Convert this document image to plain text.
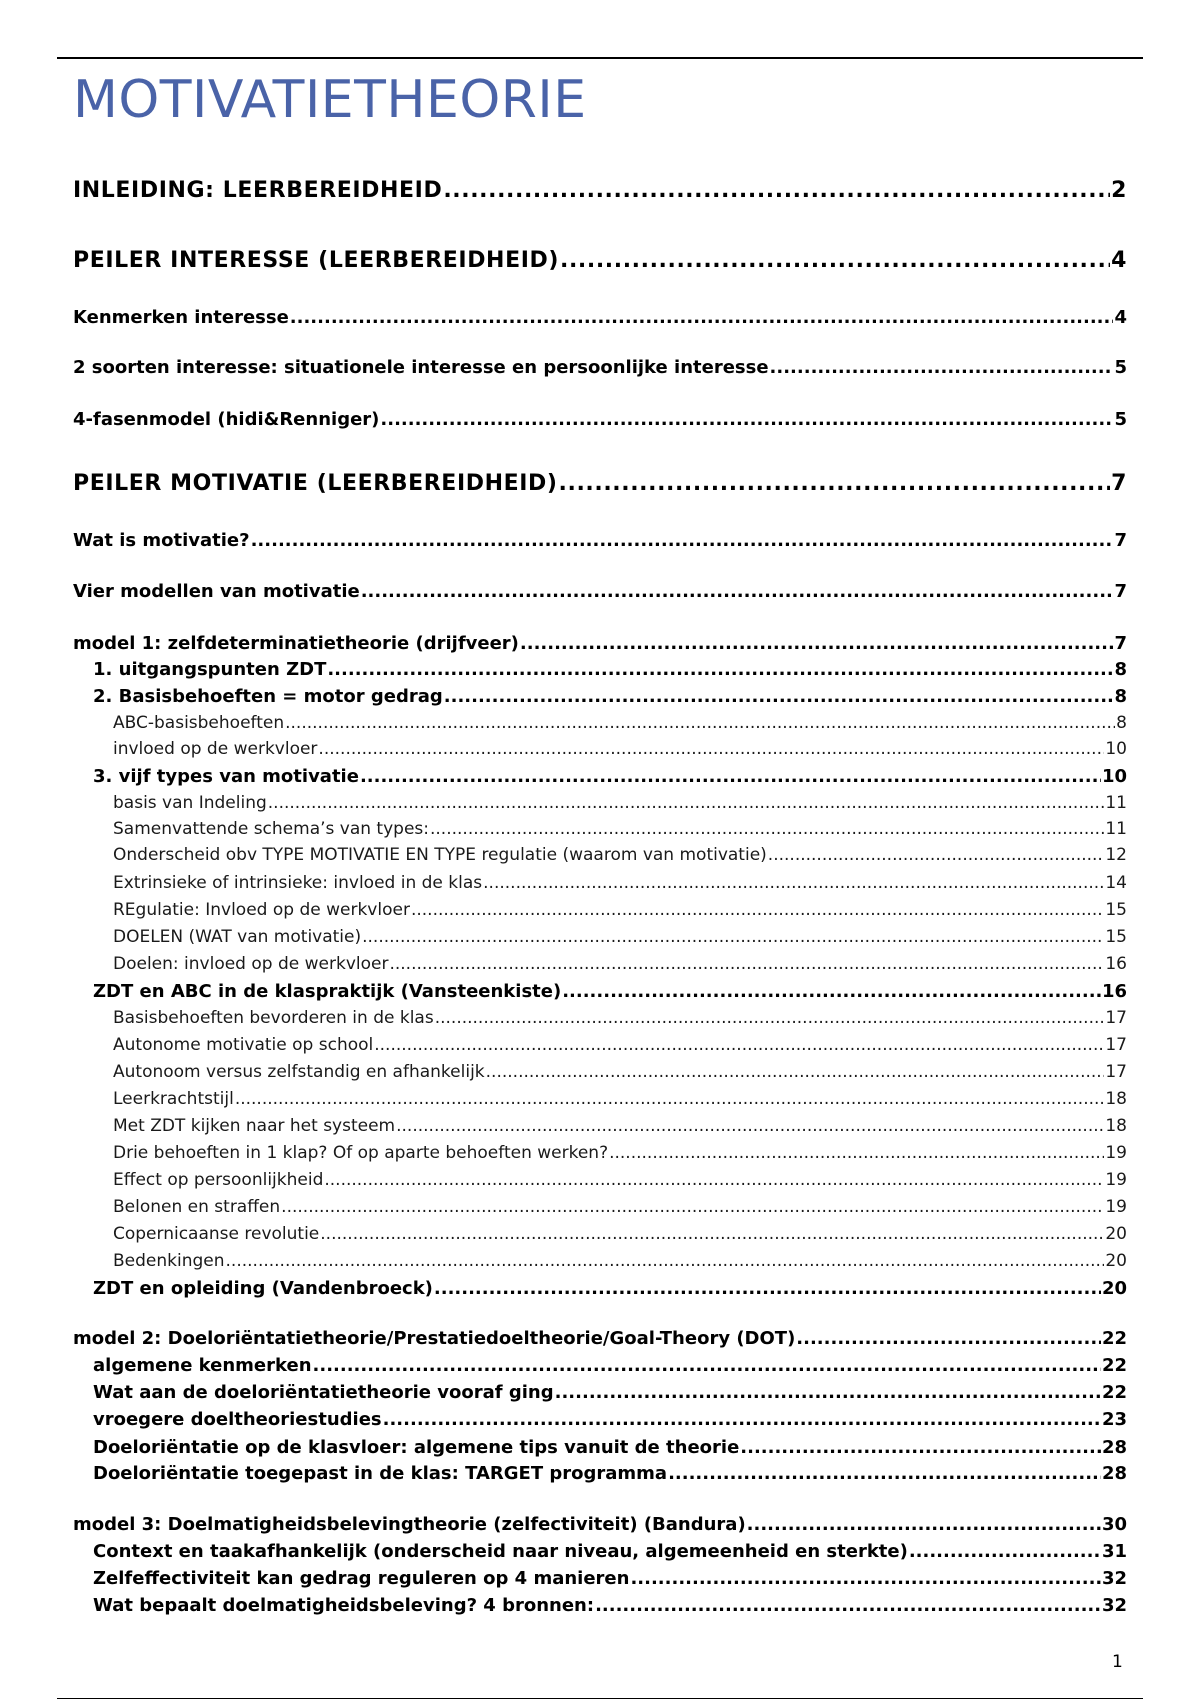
MOTIVATIETHEORIE
INLEIDING: LEERBEREIDHEID .....	2
PEILER INTERESSE (LEERBEREIDHEID) .....	4
Kenmerken interesse .....	4
2 soorten interesse: situationele interesse en persoonlijke interesse .....	5
4-fasenmodel (hidi&Renniger) .....	5
PEILER MOTIVATIE (LEERBEREIDHEID) .....	7
Wat is motivatie? .....	7
Vier modellen van motivatie .....	7
model 1: zelfdeterminatietheorie (drijfveer) .....	7
1. uitgangspunten ZDT .....	8
2. Basisbehoeften = motor gedrag .....	8
ABC-basisbehoeften .....	8
invloed op de werkvloer .....	10
3. vijf types van motivatie .....	10
basis van Indeling .....	11
Samenvattende schema’s van types: .....	11
Onderscheid obv TYPE MOTIVATIE EN TYPE regulatie (waarom van motivatie) .....	12
Extrinsieke of intrinsieke: invloed in de klas .....	14
REgulatie: Invloed op de werkvloer .....	15
DOELEN (WAT van motivatie) .....	15
Doelen: invloed op de werkvloer .....	16
ZDT en ABC in de klaspraktijk (Vansteenkiste) .....	16
Basisbehoeften bevorderen in de klas .....	17
Autonome motivatie op school .....	17
Autonoom versus zelfstandig en afhankelijk .....	17
Leerkrachtstijl .....	18
Met ZDT kijken naar het systeem .....	18
Drie behoeften in 1 klap? Of op aparte behoeften werken? .....	19
Effect op persoonlijkheid .....	19
Belonen en straffen .....	19
Copernicaanse revolutie .....	20
Bedenkingen .....	20
ZDT en opleiding (Vandenbroeck) .....	20
model 2: Doeloriëntatietheorie/Prestatiedoeltheorie/Goal-Theory (DOT) .....	22
algemene kenmerken .....	22
Wat aan de doeloriëntatietheorie vooraf ging .....	22
vroegere doeltheoriestudies .....	23
Doeloriëntatie op de klasvloer: algemene tips vanuit de theorie .....	28
Doeloriëntatie toegepast in de klas: TARGET programma .....	28
model 3: Doelmatigheidsbelevingtheorie (zelfectiviteit) (Bandura) .....	30
Context en taakafhankelijk (onderscheid naar niveau, algemeenheid en sterkte) .....	31
Zelfeffectiviteit kan gedrag reguleren op 4 manieren .....	32
Wat bepaalt doelmatigheidsbeleving? 4 bronnen: .....	32
1
